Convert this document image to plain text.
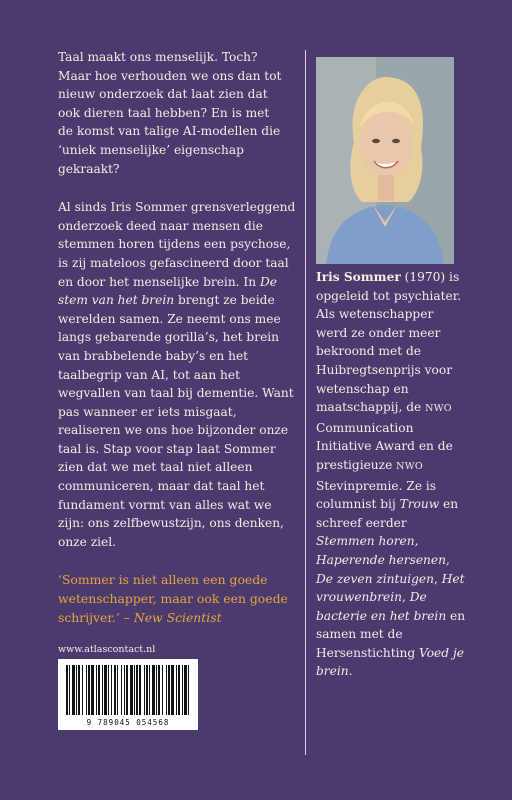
Taal maakt ons menselijk. Toch? Maar hoe verhouden we ons dan tot nieuw onderzoek dat laat zien dat ook dieren taal hebben? En is met de komst van talige AI-modellen die ‘uniek menselijke’ eigenschap gekraakt?

Al sinds Iris Sommer grensverleggend onderzoek deed naar mensen die stemmen horen tijdens een psychose, is zij mateloos gefascineerd door taal en door het menselijke brein. In De stem van het brein brengt ze beide werelden samen. Ze neemt ons mee langs gebarende gorilla’s, het brein van brabbelende baby’s en het taalbegrip van AI, tot aan het wegvallen van taal bij dementie. Want pas wanneer er iets misgaat, realiseren we ons hoe bijzonder onze taal is. Stap voor stap laat Sommer zien dat we met taal niet alleen communiceren, maar dat taal het fundament vormt van alles wat we zijn: ons zelfbewustzijn, ons denken, onze ziel.

‘Sommer is niet alleen een goede wetenschapper, maar ook een goede schrijver.’ – New Scientist
Iris Sommer (1970) is opgeleid tot psychiater. Als wetenschapper werd ze onder meer bekroond met de Huibregtsenprijs voor wetenschap en maatschappij, de NWO Communication Initiative Award en de prestigieuze NWO Stevinpremie. Ze is columnist bij Trouw en schreef eerder Stemmen horen, Haperende hersenen, De zeven zintuigen, Het vrouwenbrein, De bacterie en het brein en samen met de Hersenstichting Voed je brein.
www.atlascontact.nl
9 789045 054568
